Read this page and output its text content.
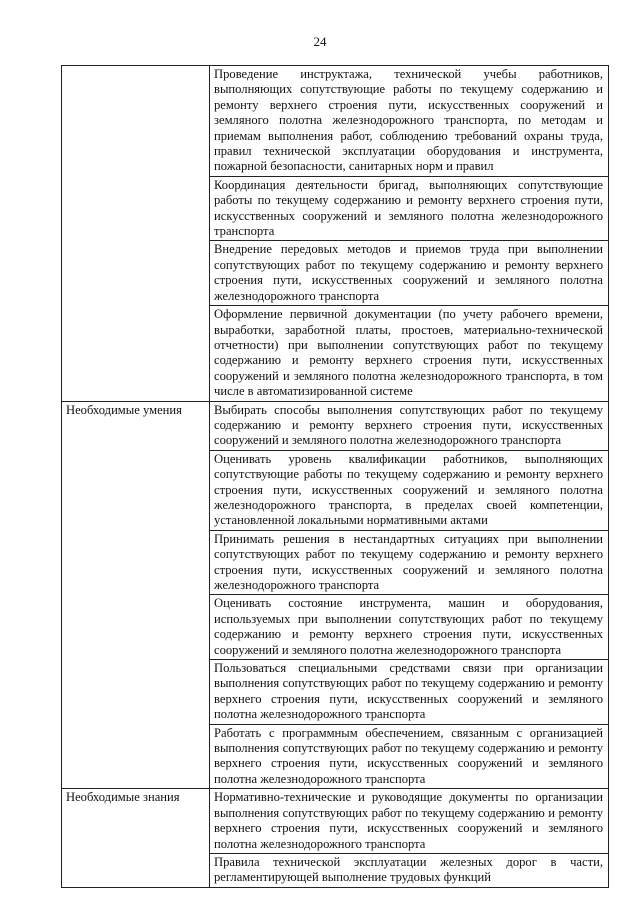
24
	Проведение инструктажа, технической учебы работников, выполняющих сопутствующие работы по текущему содержанию и ремонту верхнего строения пути, искусственных сооружений и земляного полотна железнодорожного транспорта, по методам и приемам выполнения работ, соблюдению требований охраны труда, правил технической эксплуатации оборудования и инструмента, пожарной безопасности, санитарных норм и правил
	Координация деятельности бригад, выполняющих сопутствующие работы по текущему содержанию и ремонту верхнего строения пути, искусственных сооружений и земляного полотна железнодорожного транспорта
	Внедрение передовых методов и приемов труда при выполнении сопутствующих работ по текущему содержанию и ремонту верхнего строения пути, искусственных сооружений и земляного полотна железнодорожного транспорта
	Оформление первичной документации (по учету рабочего времени, выработки, заработной платы, простоев, материально-технической отчетности) при выполнении сопутствующих работ по текущему содержанию и ремонту верхнего строения пути, искусственных сооружений и земляного полотна железнодорожного транспорта, в том числе в автоматизированной системе
Необходимые умения	Выбирать способы выполнения сопутствующих работ по текущему содержанию и ремонту верхнего строения пути, искусственных сооружений и земляного полотна железнодорожного транспорта
	Оценивать уровень квалификации работников, выполняющих сопутствующие работы по текущему содержанию и ремонту верхнего строения пути, искусственных сооружений и земляного полотна железнодорожного транспорта, в пределах своей компетенции, установленной локальными нормативными актами
	Принимать решения в нестандартных ситуациях при выполнении сопутствующих работ по текущему содержанию и ремонту верхнего строения пути, искусственных сооружений и земляного полотна железнодорожного транспорта
	Оценивать состояние инструмента, машин и оборудования, используемых при выполнении сопутствующих работ по текущему содержанию и ремонту верхнего строения пути, искусственных сооружений и земляного полотна железнодорожного транспорта
	Пользоваться специальными средствами связи при организации выполнения сопутствующих работ по текущему содержанию и ремонту верхнего строения пути, искусственных сооружений и земляного полотна железнодорожного транспорта
	Работать с программным обеспечением, связанным с организацией выполнения сопутствующих работ по текущему содержанию и ремонту верхнего строения пути, искусственных сооружений и земляного полотна железнодорожного транспорта
Необходимые знания	Нормативно-технические и руководящие документы по организации выполнения сопутствующих работ по текущему содержанию и ремонту верхнего строения пути, искусственных сооружений и земляного полотна железнодорожного транспорта
	Правила технической эксплуатации железных дорог в части, регламентирующей выполнение трудовых функций
